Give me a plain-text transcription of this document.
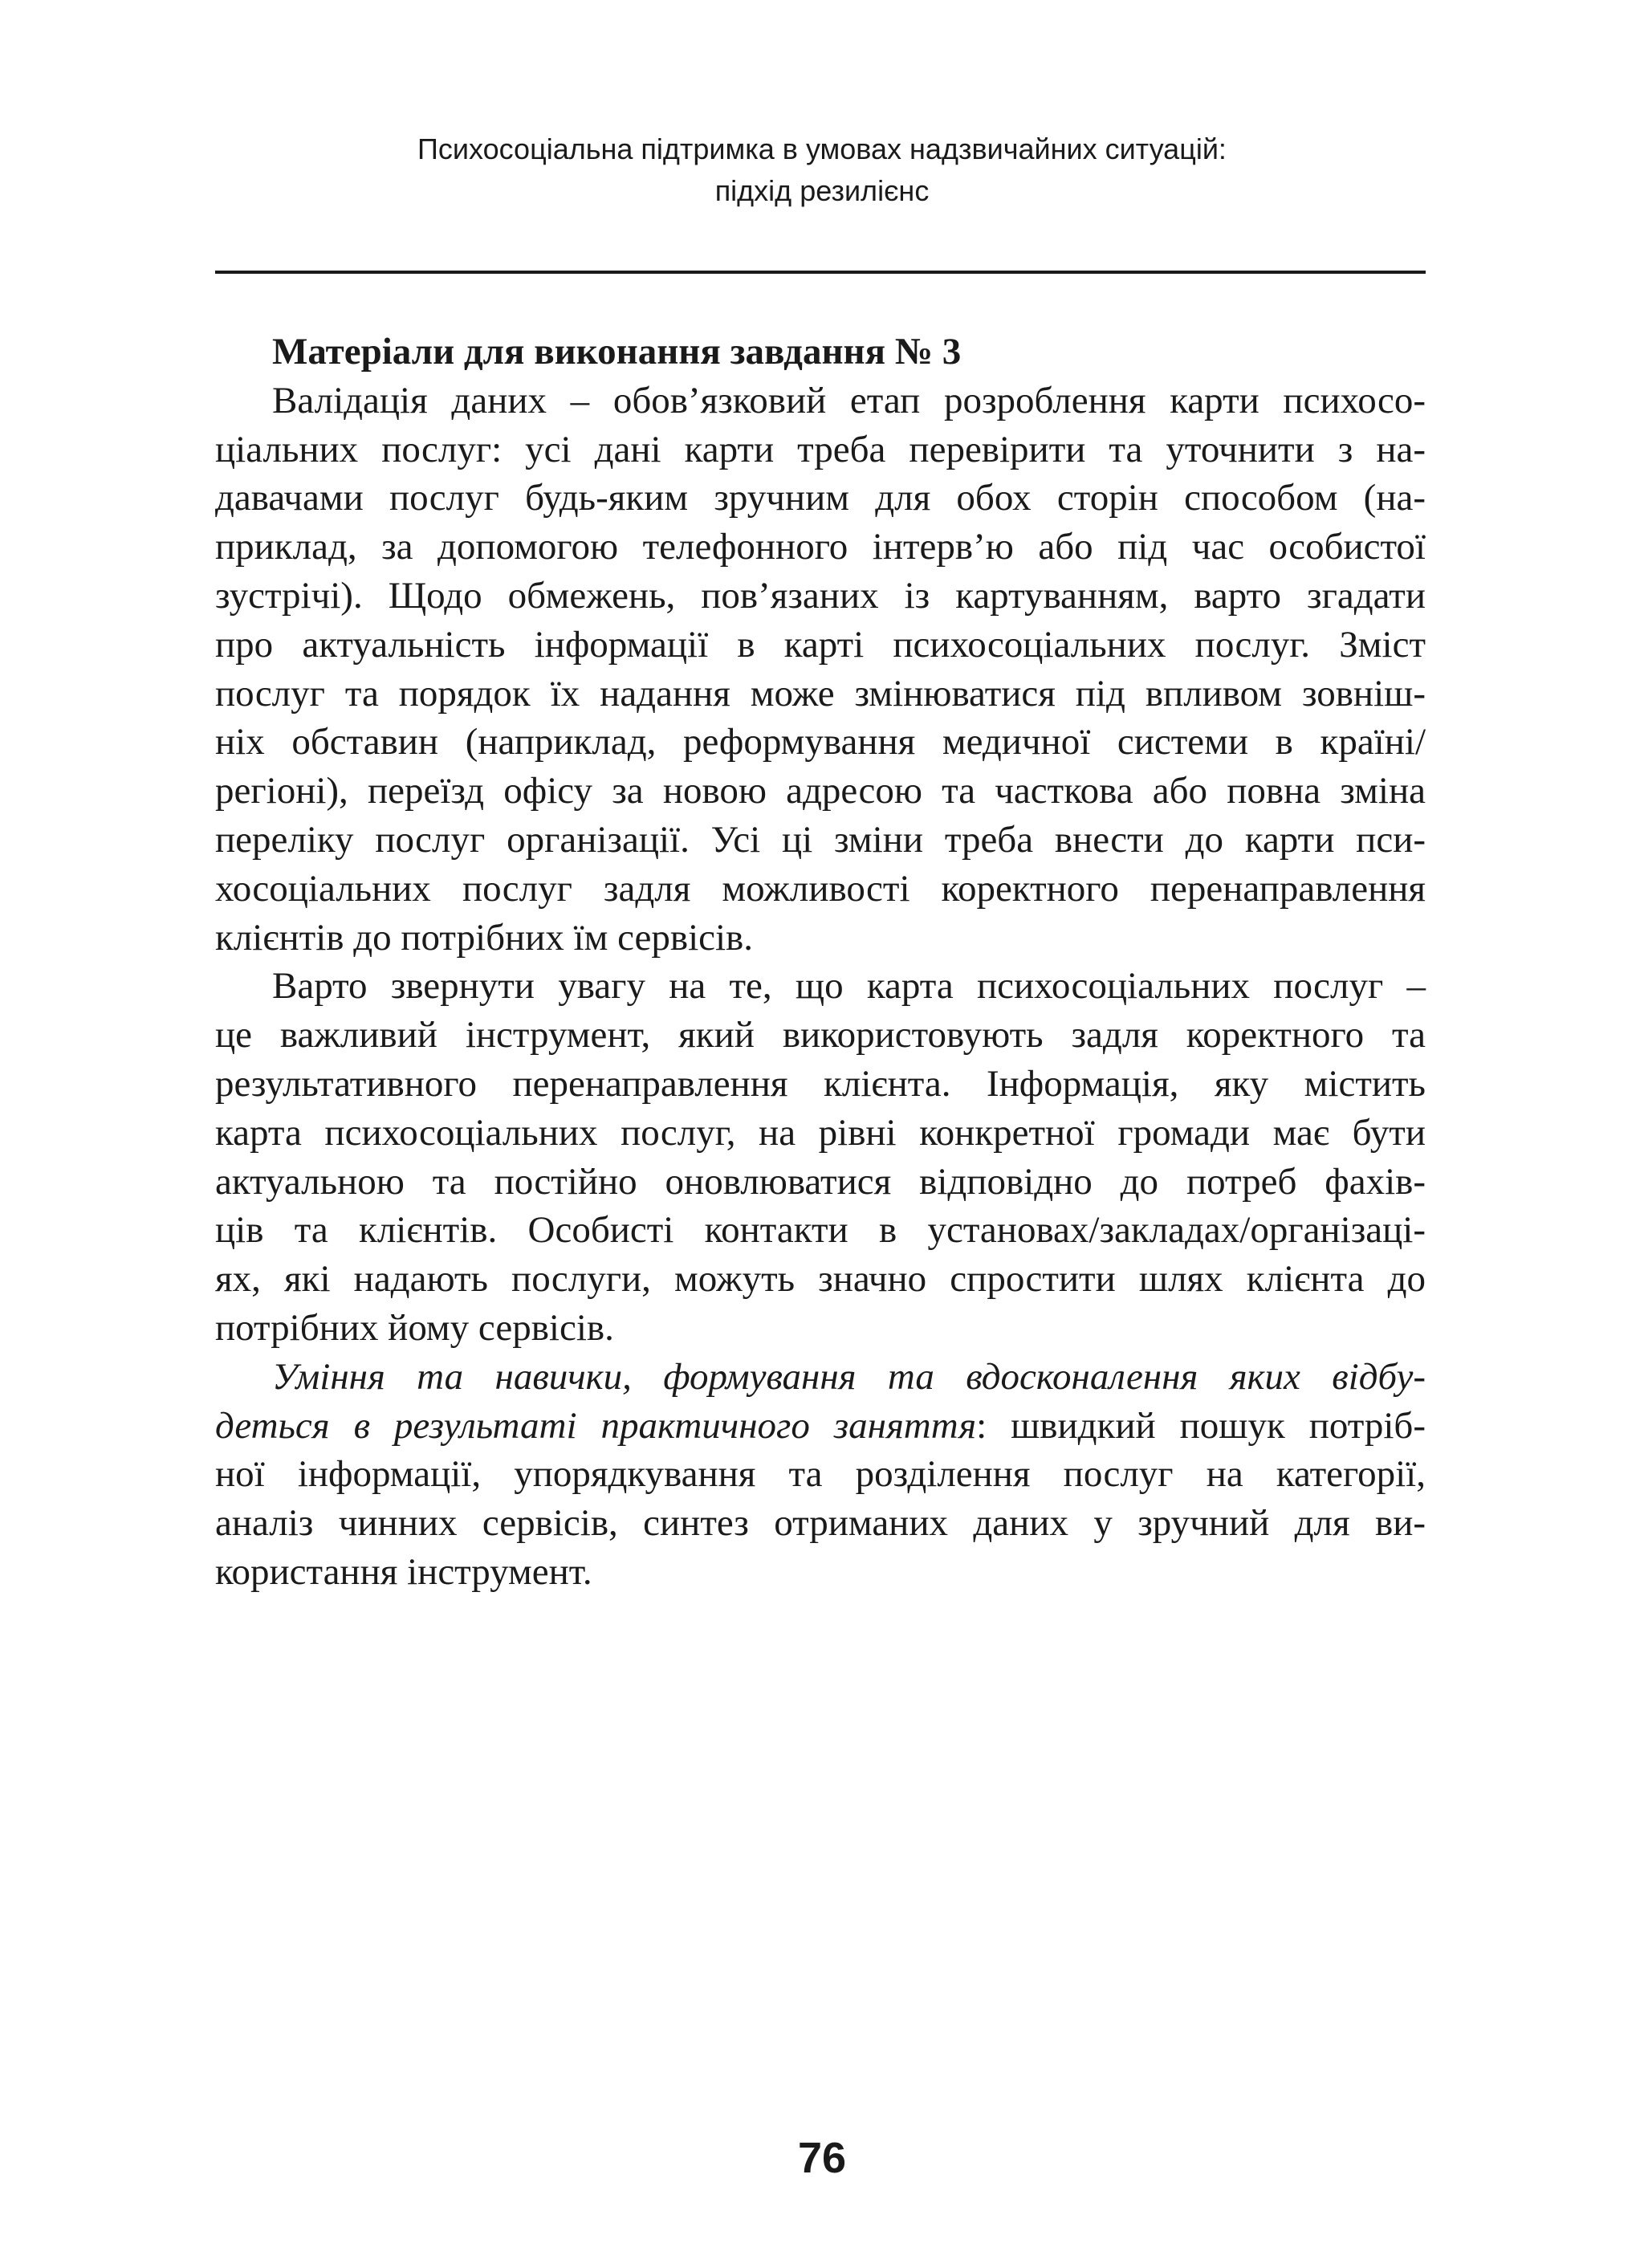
Психосоціальна підтримка в умовах надзвичайних ситуацій:
підхід резилієнс
Матеріали для виконання завдання № 3
Валідація даних – обов’язковий етап розроблення карти психосо-
ціальних послуг: усі дані карти треба перевірити та уточнити з на-
давачами послуг будь-яким зручним для обох сторін способом (на-
приклад, за допомогою телефонного інтерв’ю або під час особистої
зустрічі). Щодо обмежень, пов’язаних із картуванням, варто згадати
про актуальність інформації в карті психосоціальних послуг. Зміст
послуг та порядок їх надання може змінюватися під впливом зовніш-
ніх обставин (наприклад, реформування медичної системи в країні/
регіоні), переїзд офісу за новою адресою та часткова або повна зміна
переліку послуг організації. Усі ці зміни треба внести до карти пси-
хосоціальних послуг задля можливості коректного перенаправлення
клієнтів до потрібних їм сервісів.
Варто звернути увагу на те, що карта психосоціальних послуг –
це важливий інструмент, який використовують задля коректного та
результативного перенаправлення клієнта. Інформація, яку містить
карта психосоціальних послуг, на рівні конкретної громади має бути
актуальною та постійно оновлюватися відповідно до потреб фахів-
ців та клієнтів. Особисті контакти в установах/закладах/організаці-
ях, які надають послуги, можуть значно спростити шлях клієнта до
потрібних йому сервісів.
Уміння та навички, формування та вдосконалення яких відбу-
деться в результаті практичного заняття: швидкий пошук потріб-
ної інформації, упорядкування та розділення послуг на категорії,
аналіз чинних сервісів, синтез отриманих даних у зручний для ви-
користання інструмент.
76
